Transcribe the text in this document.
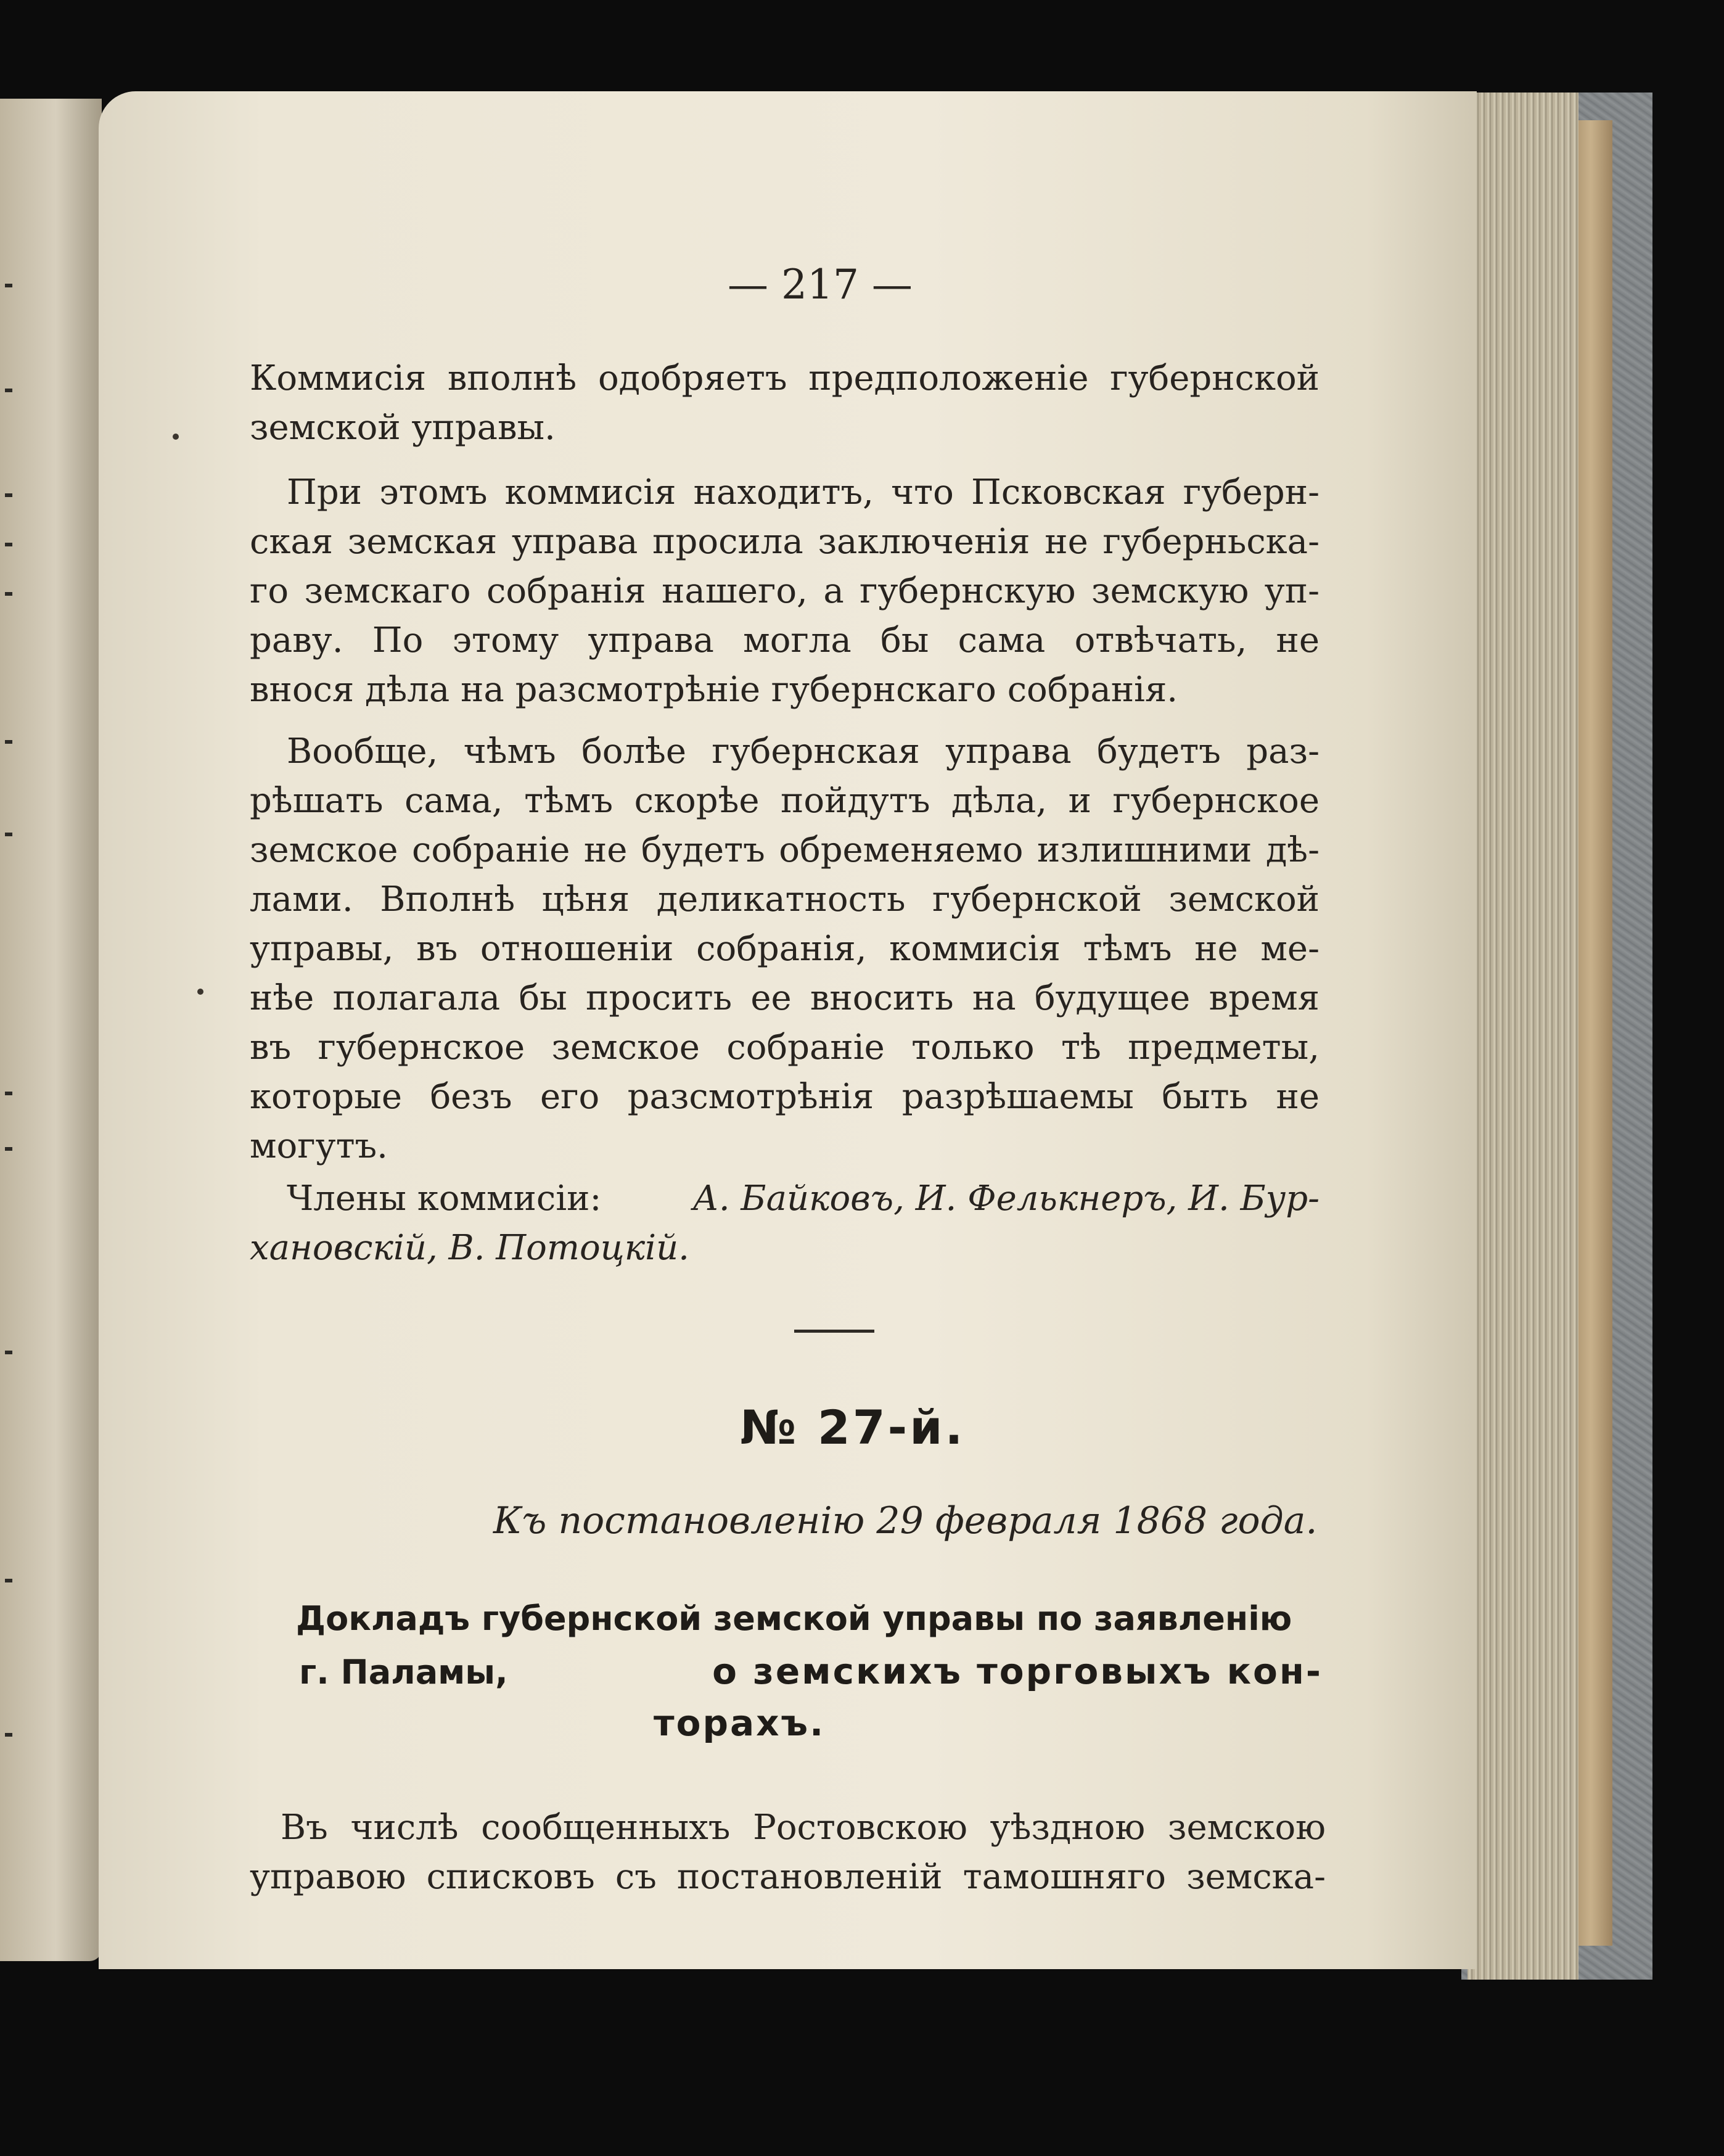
— 217 —
Коммисія вполнѣ одобряетъ предположеніе губернской
земской управы.
При этомъ коммисія находитъ, что Псковская губерн-
ская земская управа просила заключенія не губерньска-
го земскаго собранія нашего, а губернскую земскую уп-
раву. По этому управа могла бы сама отвѣчать, не
внося дѣла на разсмотрѣніе губернскаго собранія.
Вообще, чѣмъ болѣе губернская управа будетъ раз-
рѣшать сама, тѣмъ скорѣе пойдутъ дѣла, и губернское
земское собраніе не будетъ обременяемо излишними дѣ-
лами. Вполнѣ цѣня деликатность губернской земской
управы, въ отношеніи собранія, коммисія тѣмъ не ме-
нѣе полагала бы просить ее вносить на будущее время
въ губернское земское собраніе только тѣ предметы,
которые безъ его разсмотрѣнія разрѣшаемы быть не
могутъ.
Члены коммисіи:	А. Байковъ, И. Фелькнеръ, И. Бур-
хановскій, В. Потоцкій.
№ 27-й.
Къ постановленію 29 февраля 1868 года.
Докладъ губернской земской управы по заявленію
г. Паламы,	о земскихъ торговыхъ кон-
торахъ.
Въ числѣ сообщенныхъ Ростовскою уѣздною земскою
управою списковъ съ постановленій тамошняго земска-
